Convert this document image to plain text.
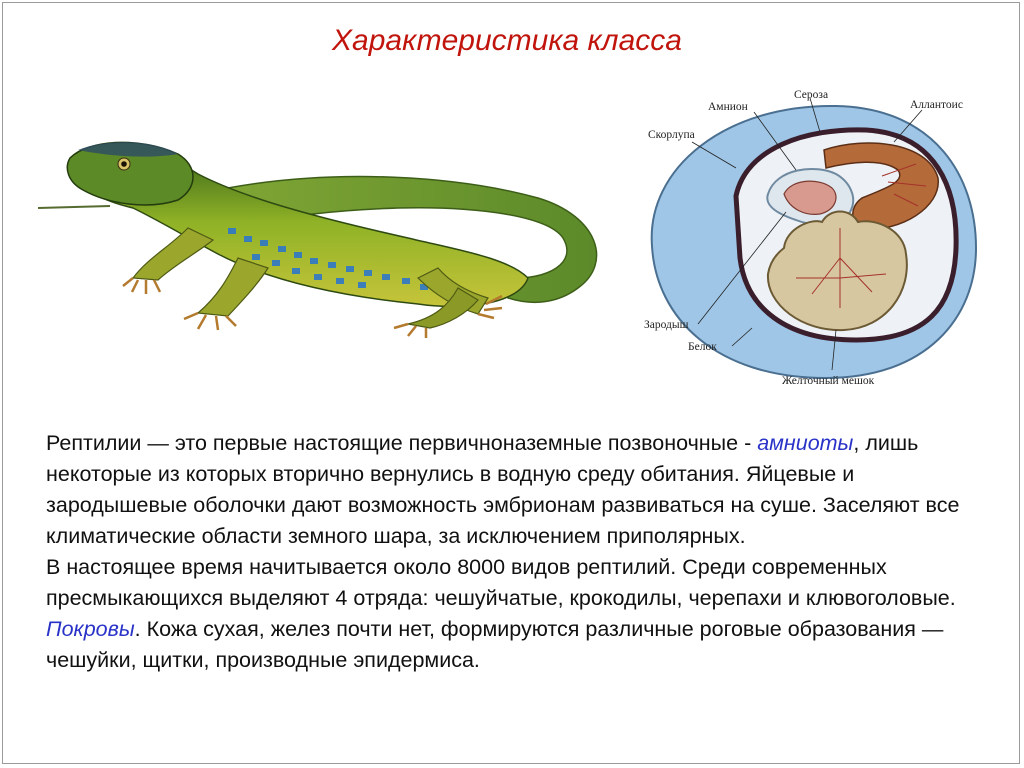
Характеристика класса
Сероза
Амнион	Аллантоис
Скорлупа
Зародыш
Белок
Желточный мешок

Рептилии — это первые настоящие первичноназемные позвоночные - амниоты, лишь некоторые из которых вторично вернулись в водную среду обитания. Яйцевые и зародышевые оболочки дают возможность эмбрионам развиваться на суше. Заселяют все климатические области земного шара, за исключением приполярных.

В настоящее время начитывается около 8000 видов рептилий. Среди современных пресмыкающихся выделяют 4 отряда: чешуйчатые, крокодилы, черепахи и клювоголовые.

Покровы. Кожа сухая, желез почти нет, формируются различные роговые образования — чешуйки, щитки, производные эпидермиса.
